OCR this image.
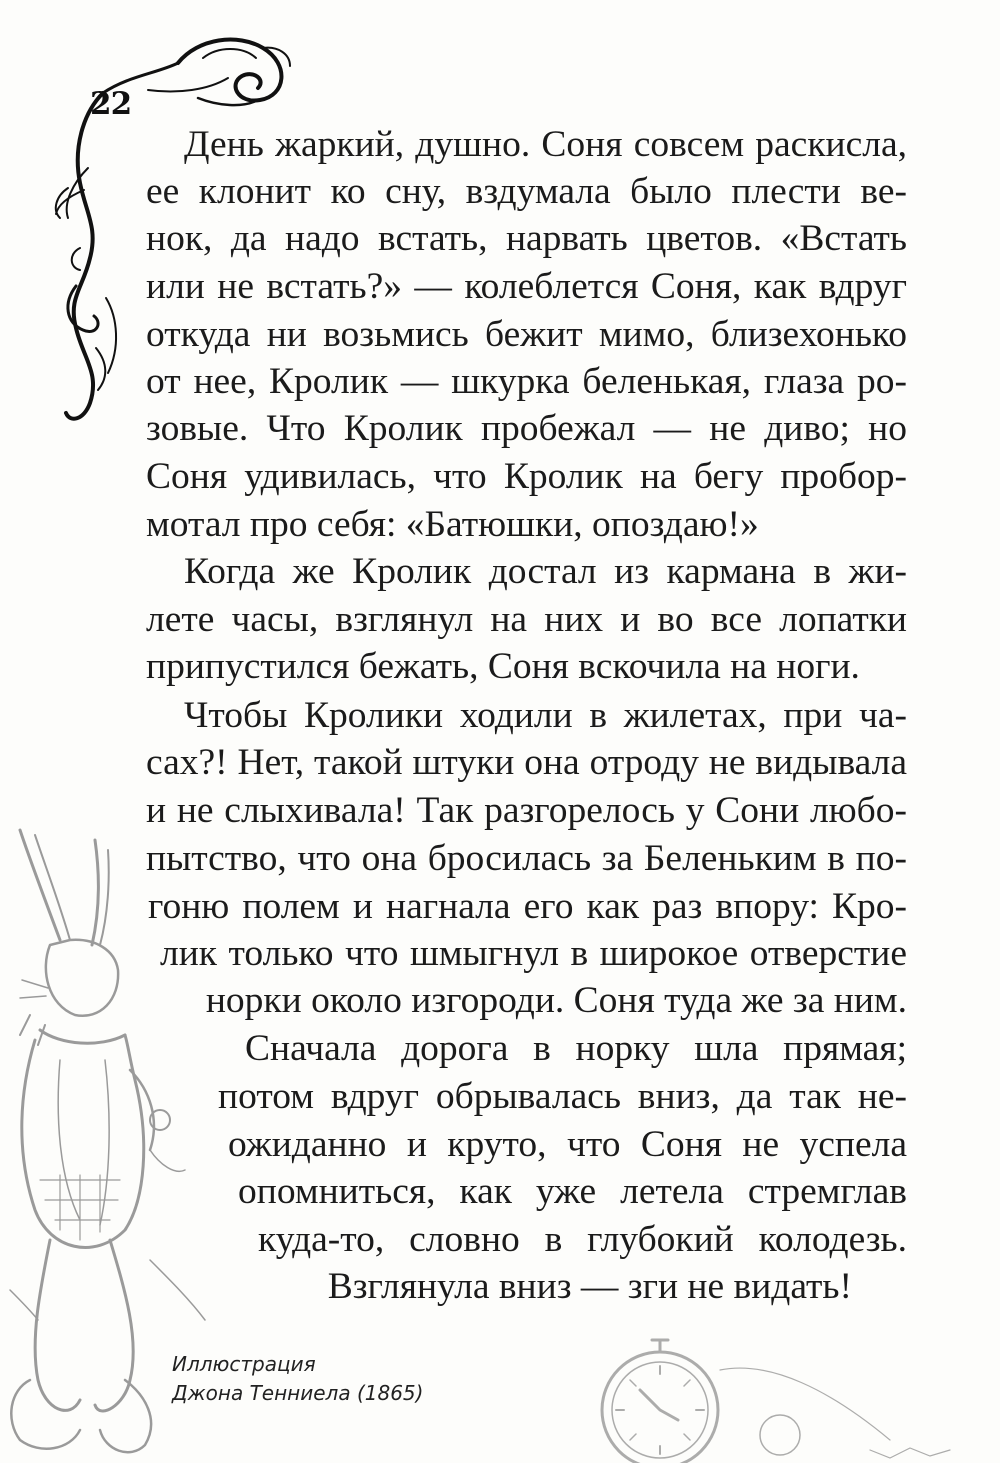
22
День жаркий, душно. Соня совсем раскисла,
ее клонит ко сну, вздумала было плести ве-
нок, да надо встать, нарвать цветов. «Встать
или не встать?» — колеблется Соня, как вдруг
откуда ни возьмись бежит мимо, близехонько
от нее, Кролик — шкурка беленькая, глаза ро-
зовые. Что Кролик пробежал — не диво; но
Соня удивилась, что Кролик на бегу пробор-
мотал про себя: «Батюшки, опоздаю!»
Когда же Кролик достал из кармана в жи-
лете часы, взглянул на них и во все лопатки
припустился бежать, Соня вскочила на ноги.
Чтобы Кролики ходили в жилетах, при ча-
сах?! Нет, такой штуки она отроду не видывала
и не слыхивала! Так разгорелось у Сони любо-
пытство, что она бросилась за Беленьким в по-
гоню полем и нагнала его как раз впору: Кро-
лик только что шмыгнул в широкое отверстие
норки около изгороди. Соня туда же за ним.
Сначала дорога в норку шла прямая;
потом вдруг обрывалась вниз, да так не-
ожиданно и круто, что Соня не успела
опомниться, как уже летела стремглав
куда-то, словно в глубокий колодезь.
Взглянула вниз — зги не видать!
Иллюстрация
Джона Тенниела (1865)
